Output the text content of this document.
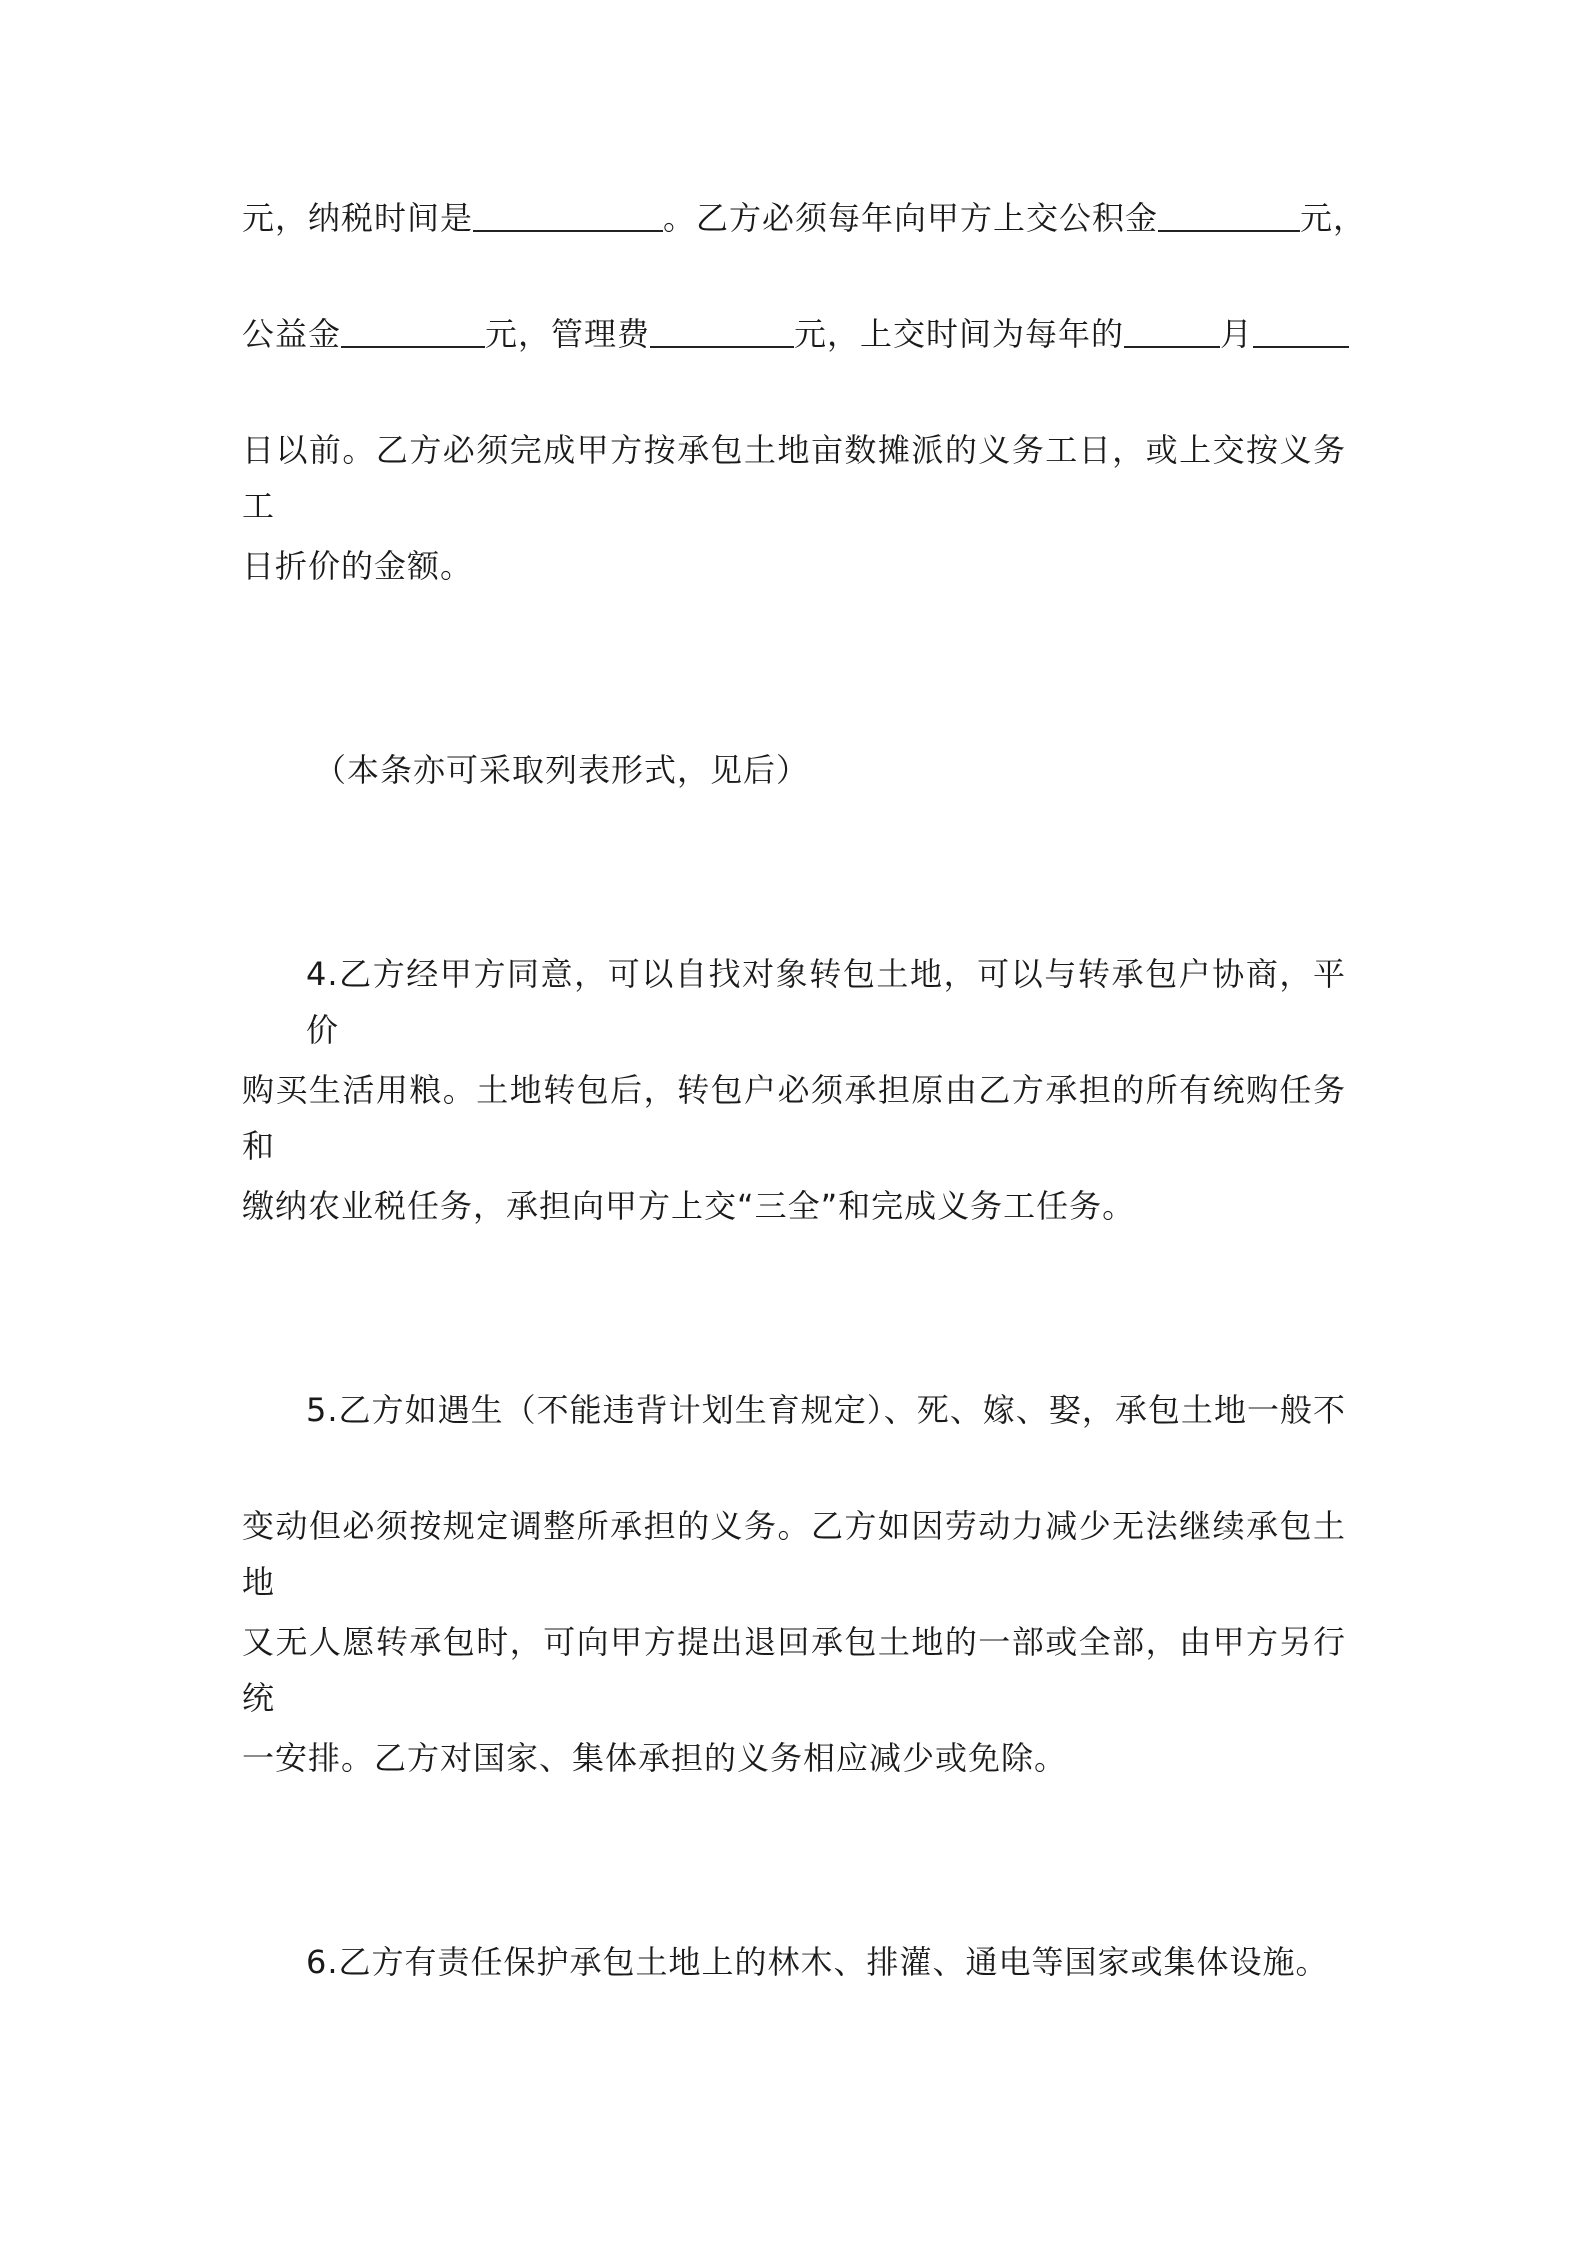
元，纳税时间是	。乙方必须每年向甲方上交公积金	元，
公益金	元，管理费	元，上交时间为每年的	月
日以前。乙方必须完成甲方按承包土地亩数摊派的义务工日，或上交按义务工
日折价的金额。
（本条亦可采取列表形式，见后）
4.乙方经甲方同意，可以自找对象转包土地，可以与转承包户协商，平价
购买生活用粮。土地转包后，转包户必须承担原由乙方承担的所有统购任务和
缴纳农业税任务，承担向甲方上交“三全”和完成义务工任务。
5.乙方如遇生（不能违背计划生育规定）、死、嫁、娶，承包土地一般不
变动但必须按规定调整所承担的义务。乙方如因劳动力减少无法继续承包土地
又无人愿转承包时，可向甲方提出退回承包土地的一部或全部，由甲方另行统
一安排。乙方对国家、集体承担的义务相应减少或免除。
6.乙方有责任保护承包土地上的林木、排灌、通电等国家或集体设施。
